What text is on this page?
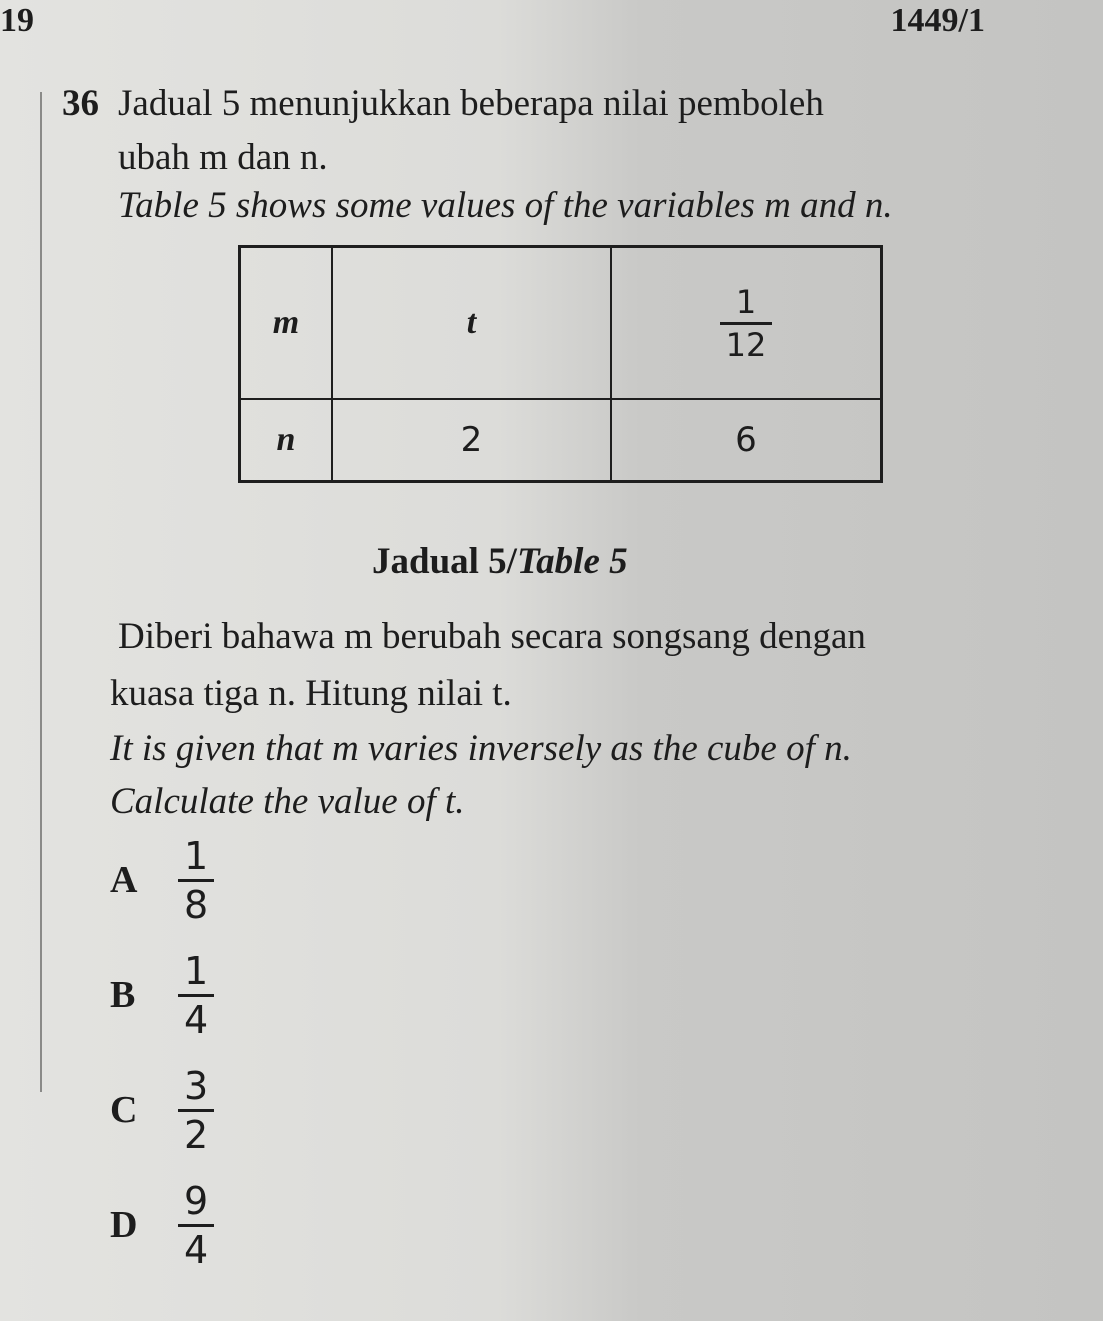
19	1449/1
36 Jadual 5 menunjukkan beberapa nilai pemboleh
ubah m dan n.
Table 5 shows some values of the variables m and n.
m	t	$\frac{1}{12}$

n	2	6
Jadual 5/Table 5
Diberi bahawa m berubah secara songsang dengan
kuasa tiga n. Hitung nilai t.
It is given that m varies inversely as the cube of n.
Calculate the value of t.
A	$\frac{1}{8}$
B	$\frac{1}{4}$
C	$\frac{3}{2}$
D	$\frac{9}{4}$
